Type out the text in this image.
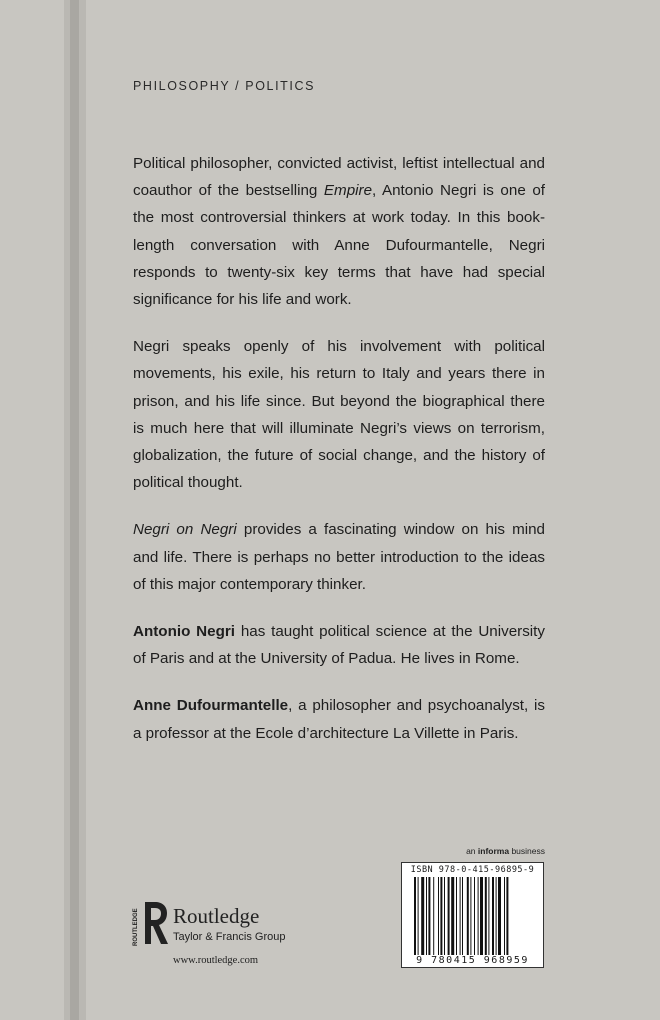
PHILOSOPHY / POLITICS

Political philosopher, convicted activist, leftist intellectual and coauthor of the bestselling Empire, Antonio Negri is one of the most controversial thinkers at work today. In this book-length conversation with Anne Dufourmantelle, Negri responds to twenty-six key terms that have had special significance for his life and work.

Negri speaks openly of his involvement with political movements, his exile, his return to Italy and years there in prison, and his life since. But beyond the biographical there is much here that will illuminate Negri’s views on terrorism, globalization, the future of social change, and the history of political thought.

Negri on Negri provides a fascinating window on his mind and life. There is perhaps no better introduction to the ideas of this major contemporary thinker.

Antonio Negri has taught political science at the University of Paris and at the University of Padua. He lives in Rome.

Anne Dufourmantelle, a philosopher and psychoanalyst, is a professor at the Ecole d’architecture La Villette in Paris.

an informa business
ISBN 978-0-415-96895-9
9 780415 968959
ROUTLEDGE Routledge
Taylor & Francis Group
www.routledge.com
